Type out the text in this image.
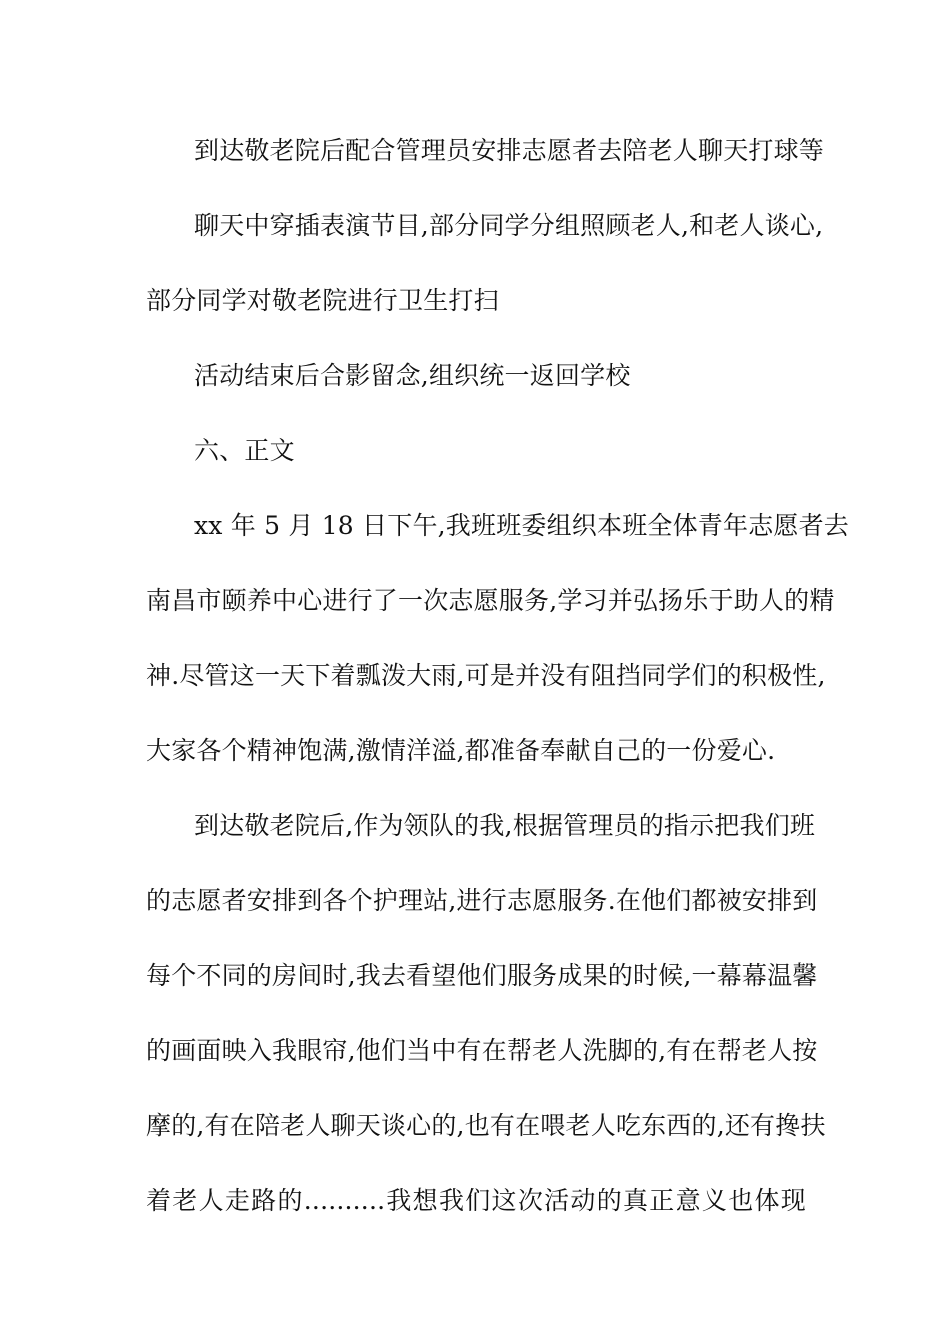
到达敬老院后配合管理员安排志愿者去陪老人聊天打球等
聊天中穿插表演节目,部分同学分组照顾老人,和老人谈心,
部分同学对敬老院进行卫生打扫
活动结束后合影留念,组织统一返回学校
六、正文
xx 年 5 月 18 日下午,我班班委组织本班全体青年志愿者去
南昌市颐养中心进行了一次志愿服务,学习并弘扬乐于助人的精
神.尽管这一天下着瓢泼大雨,可是并没有阻挡同学们的积极性,
大家各个精神饱满,激情洋溢,都准备奉献自己的一份爱心.
到达敬老院后,作为领队的我,根据管理员的指示把我们班
的志愿者安排到各个护理站,进行志愿服务.在他们都被安排到
每个不同的房间时,我去看望他们服务成果的时候,一幕幕温馨
的画面映入我眼帘,他们当中有在帮老人洗脚的,有在帮老人按
摩的,有在陪老人聊天谈心的,也有在喂老人吃东西的,还有搀扶
着老人走路的..........我想我们这次活动的真正意义也体现
